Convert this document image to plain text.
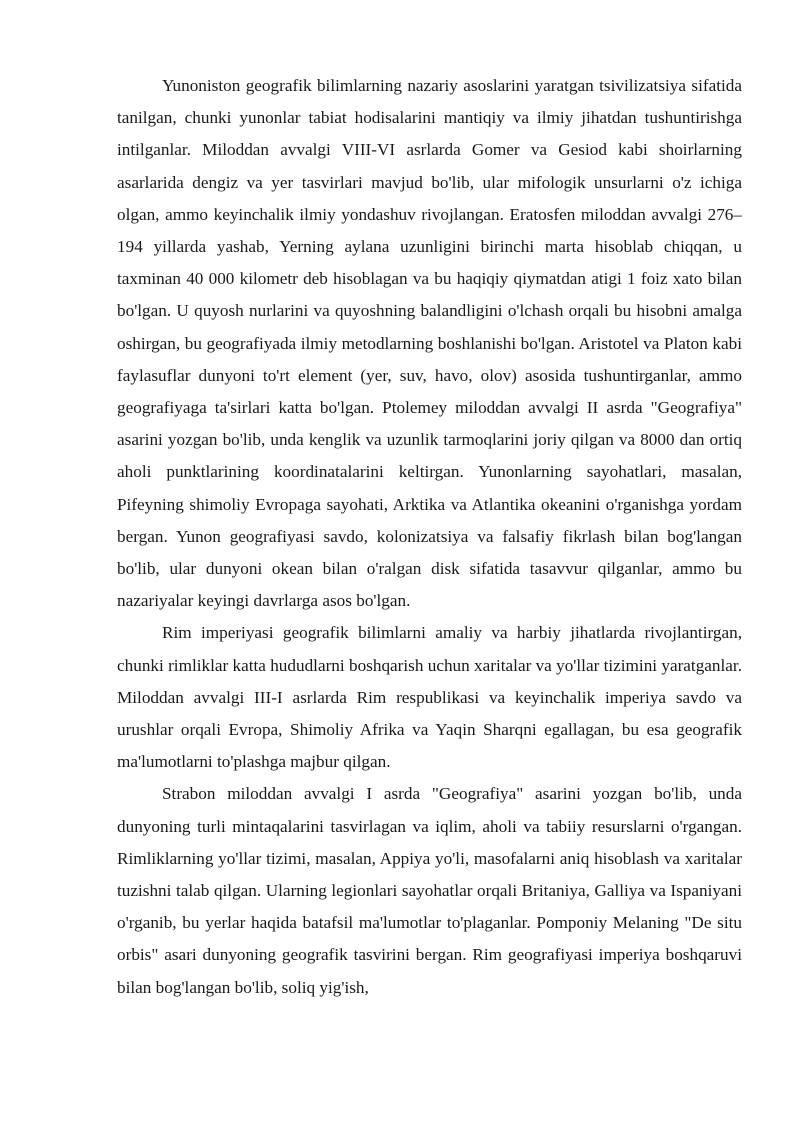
Yunoniston geografik bilimlarning nazariy asoslarini yaratgan tsivilizatsiya sifatida tanilgan, chunki yunonlar tabiat hodisalarini mantiqiy va ilmiy jihatdan tushuntirishga intilganlar. Miloddan avvalgi VIII-VI asrlarda Gomer va Gesiod kabi shoirlarning asarlarida dengiz va yer tasvirlari mavjud bo'lib, ular mifologik unsurlarni o'z ichiga olgan, ammo keyinchalik ilmiy yondashuv rivojlangan. Eratosfen miloddan avvalgi 276–194 yillarda yashab, Yerning aylana uzunligini birinchi marta hisoblab chiqqan, u taxminan 40 000 kilometr deb hisoblagan va bu haqiqiy qiymatdan atigi 1 foiz xato bilan bo'lgan. U quyosh nurlarini va quyoshning balandligini o'lchash orqali bu hisobni amalga oshirgan, bu geografiyada ilmiy metodlarning boshlanishi bo'lgan. Aristotel va Platon kabi faylasuflar dunyoni to'rt element (yer, suv, havo, olov) asosida tushuntirganlar, ammo geografiyaga ta'sirlari katta bo'lgan. Ptolemey miloddan avvalgi II asrda "Geografiya" asarini yozgan bo'lib, unda kenglik va uzunlik tarmoqlarini joriy qilgan va 8000 dan ortiq aholi punktlarining koordinatalarini keltirgan. Yunonlarning sayohatlari, masalan, Pifeyning shimoliy Evropaga sayohati, Arktika va Atlantika okeanini o'rganishga yordam bergan. Yunon geografiyasi savdo, kolonizatsiya va falsafiy fikrlash bilan bog'langan bo'lib, ular dunyoni okean bilan o'ralgan disk sifatida tasavvur qilganlar, ammo bu nazariyalar keyingi davrlarga asos bo'lgan.

Rim imperiyasi geografik bilimlarni amaliy va harbiy jihatlarda rivojlantirgan, chunki rimliklar katta hududlarni boshqarish uchun xaritalar va yo'llar tizimini yaratganlar. Miloddan avvalgi III-I asrlarda Rim respublikasi va keyinchalik imperiya savdo va urushlar orqali Evropa, Shimoliy Afrika va Yaqin Sharqni egallagan, bu esa geografik ma'lumotlarni to'plashga majbur qilgan.

Strabon miloddan avvalgi I asrda "Geografiya" asarini yozgan bo'lib, unda dunyoning turli mintaqalarini tasvirlagan va iqlim, aholi va tabiiy resurslarni o'rgangan. Rimliklarning yo'llar tizimi, masalan, Appiya yo'li, masofalarni aniq hisoblash va xaritalar tuzishni talab qilgan. Ularning legionlari sayohatlar orqali Britaniya, Galliya va Ispaniyani o'rganib, bu yerlar haqida batafsil ma'lumotlar to'plaganlar. Pomponiy Melaning "De situ orbis" asari dunyoning geografik tasvirini bergan. Rim geografiyasi imperiya boshqaruvi bilan bog'langan bo'lib, soliq yig'ish,
